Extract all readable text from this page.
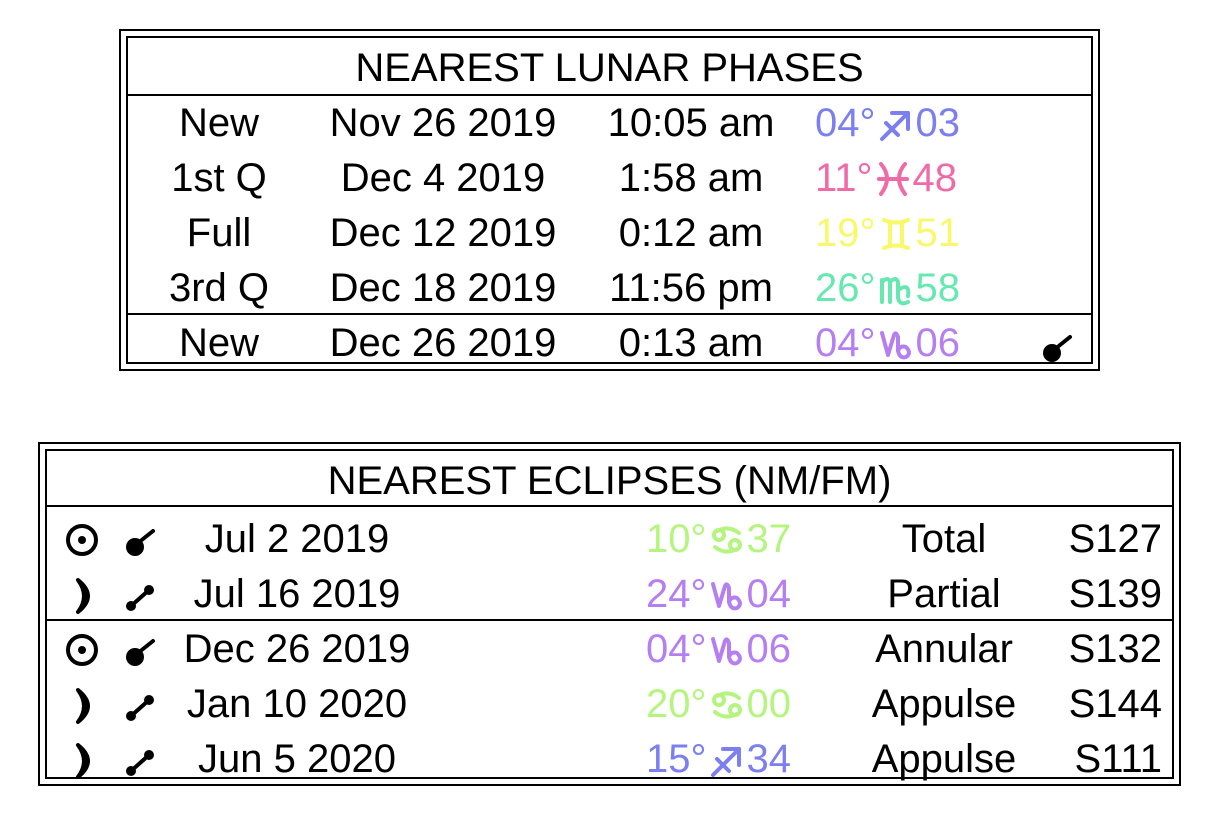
NEAREST LUNAR PHASES
New Nov 26 2019 10:05 am 04° 03
1st Q Dec 4 2019 1:58 am 11° 48
Full Dec 12 2019 0:12 am 19° 51
3rd Q Dec 18 2019 11:56 pm 26° 58
New Dec 26 2019 0:13 am 04° 06
NEAREST ECLIPSES (NM/FM)
Jul 2 2019	10° 37	Total S127
Jul 16 2019	24° 04 Partial S139
Dec 26 2019	04° 06 Annular S132
Jan 10 2020	20° 00 Appulse S144
Jun 5 2020	15° 34 Appulse S111
